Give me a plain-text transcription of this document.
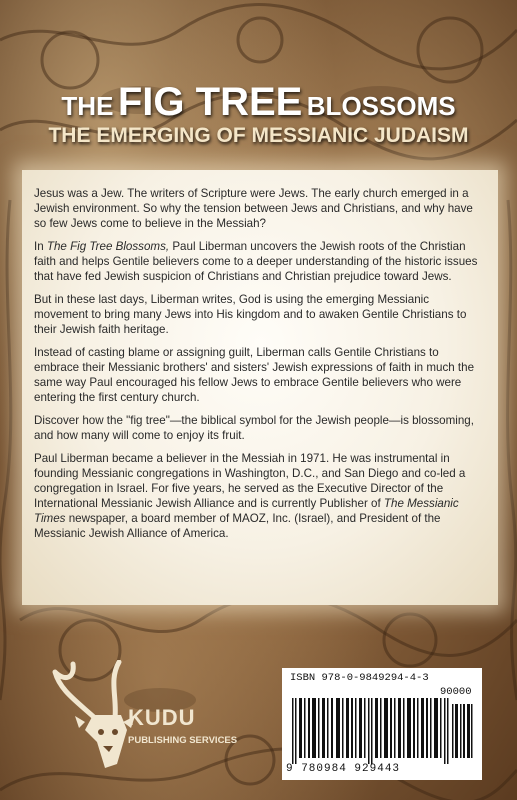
THE FIG TREE BLOSSOMS
THE EMERGING OF MESSIANIC JUDAISM

Jesus was a Jew. The writers of Scripture were Jews. The early church emerged in a Jewish environment. So why the tension between Jews and Christians, and why have so few Jews come to believe in the Messiah?

In The Fig Tree Blossoms, Paul Liberman uncovers the Jewish roots of the Christian faith and helps Gentile believers come to a deeper understanding of the historic issues that have fed Jewish suspicion of Christians and Christian prejudice toward Jews.

But in these last days, Liberman writes, God is using the emerging Messianic movement to bring many Jews into His kingdom and to awaken Gentile Christians to their Jewish faith heritage.

Instead of casting blame or assigning guilt, Liberman calls Gentile Christians to embrace their Messianic brothers' and sisters' Jewish expressions of faith in much the same way Paul encouraged his fellow Jews to embrace Gentile believers who were entering the first century church.

Discover how the "fig tree"—the biblical symbol for the Jewish people—is blossoming, and how many will come to enjoy its fruit.

Paul Liberman became a believer in the Messiah in 1971. He was instrumental in founding Messianic congregations in Washington, D.C., and San Diego and co-led a congregation in Israel. For five years, he served as the Executive Director of the International Messianic Jewish Alliance and is currently Publisher of The Messianic Times newspaper, a board member of MAOZ, Inc. (Israel), and President of the Messianic Jewish Alliance of America.

KUDU
PUBLISHING SERVICES
ISBN 978-0-9849294-4-3
90000
9 780984 929443
